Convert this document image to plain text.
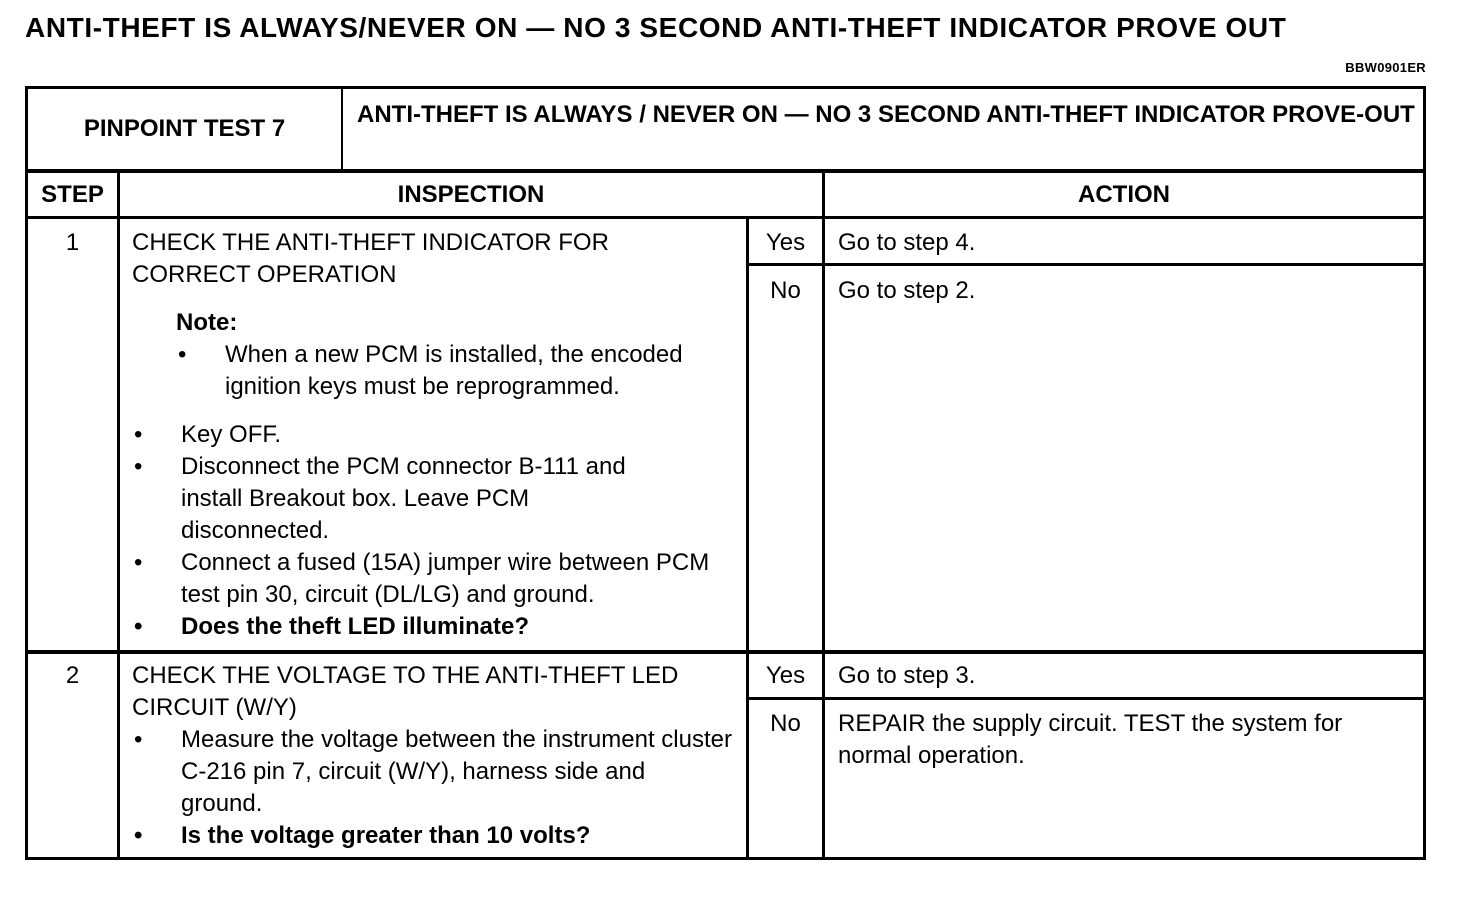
ANTI-THEFT IS ALWAYS/NEVER ON — NO 3 SECOND ANTI-THEFT INDICATOR PROVE OUT
BBW0901ER
PINPOINT TEST 7
ANTI-THEFT IS ALWAYS / NEVER ON — NO 3 SECOND ANTI-THEFT INDICATOR PROVE-OUT
STEP	INSPECTION	ACTION
1	CHECK THE ANTI-THEFT INDICATOR FOR CORRECT OPERATION
Note:
• When a new PCM is installed, the encoded ignition keys must be reprogrammed.
• Key OFF.
• Disconnect the PCM connector B-111 and install Breakout box. Leave PCM disconnected.
• Connect a fused (15A) jumper wire between PCM test pin 30, circuit (DL/LG) and ground.
• Does the theft LED illuminate?
Yes	Go to step 4.
No	Go to step 2.
2	CHECK THE VOLTAGE TO THE ANTI-THEFT LED CIRCUIT (W/Y)
• Measure the voltage between the instrument cluster C-216 pin 7, circuit (W/Y), harness side and ground.
• Is the voltage greater than 10 volts?
Yes	Go to step 3.
No	REPAIR the supply circuit. TEST the system for normal operation.
